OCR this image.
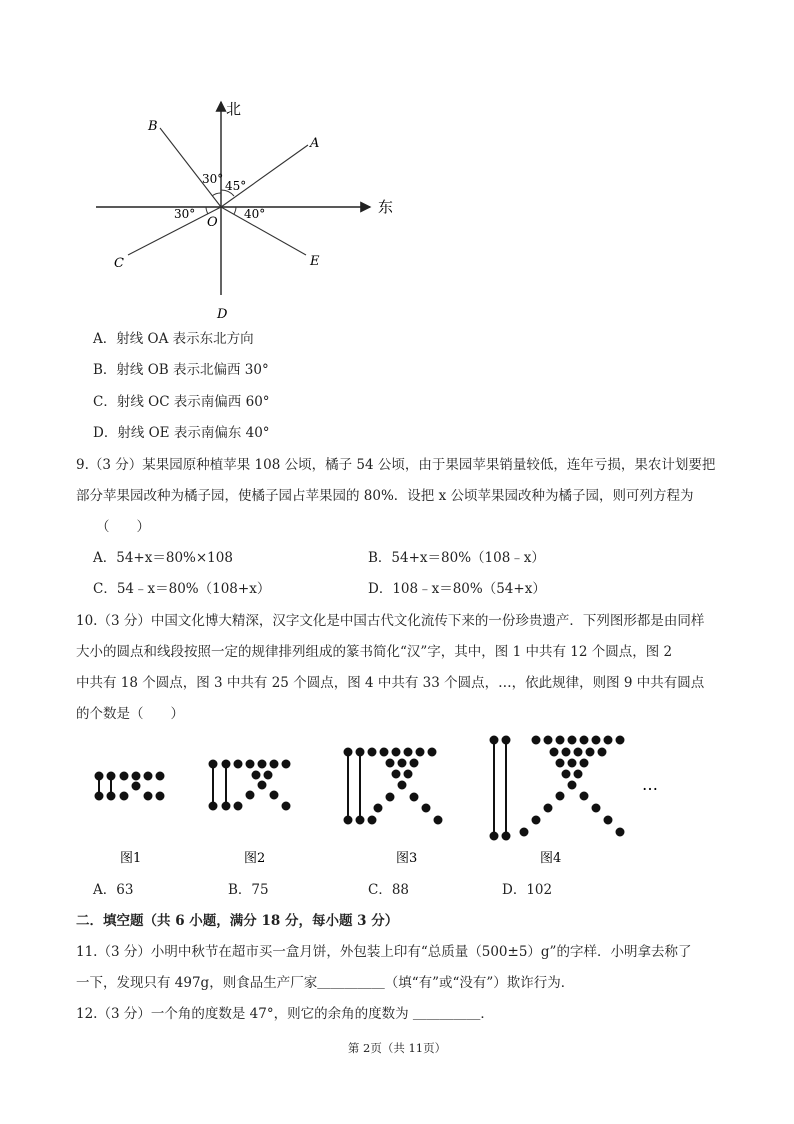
北
东
B
A
C	E
D
O
30° 45°
30°	40°
A．射线 OA 表示东北方向
B．射线 OB 表示北偏西 30°
C．射线 OC 表示南偏西 60°
D．射线 OE 表示南偏东 40°
9.（3 分）某果园原种植苹果 108 公顷，橘子 54 公顷，由于果园苹果销量较低，连年亏损，果农计划要把
部分苹果园改种为橘子园，使橘子园占苹果园的 80%．设把 x 公顷苹果园改种为橘子园，则可列方程为
（　　）
A．54+x＝80%×108	B．54+x＝80%（108﹣x）
C．54﹣x＝80%（108+x）	D．108﹣x＝80%（54+x）
10.（3 分）中国文化博大精深，汉字文化是中国古代文化流传下来的一份珍贵遗产．下列图形都是由同样
大小的圆点和线段按照一定的规律排列组成的篆书简化“汉”字，其中，图 1 中共有 12 个圆点，图 2
中共有 18 个圆点，图 3 中共有 25 个圆点，图 4 中共有 33 个圆点，…，依此规律，则图 9 中共有圆点
的个数是（　　）
…
图1	图2	图3	图4
A．63	B．75	C．88	D．102
二．填空题（共 6 小题，满分 18 分，每小题 3 分）
11.（3 分）小明中秋节在超市买一盒月饼，外包装上印有“总质量（500±5）g”的字样．小明拿去称了
一下，发现只有 497g，则食品生产厂家＿＿＿＿＿（填“有”或“没有”）欺诈行为．
12.（3 分）一个角的度数是 47°，则它的余角的度数为 ＿＿＿＿＿．
第 2页（共 11页）
